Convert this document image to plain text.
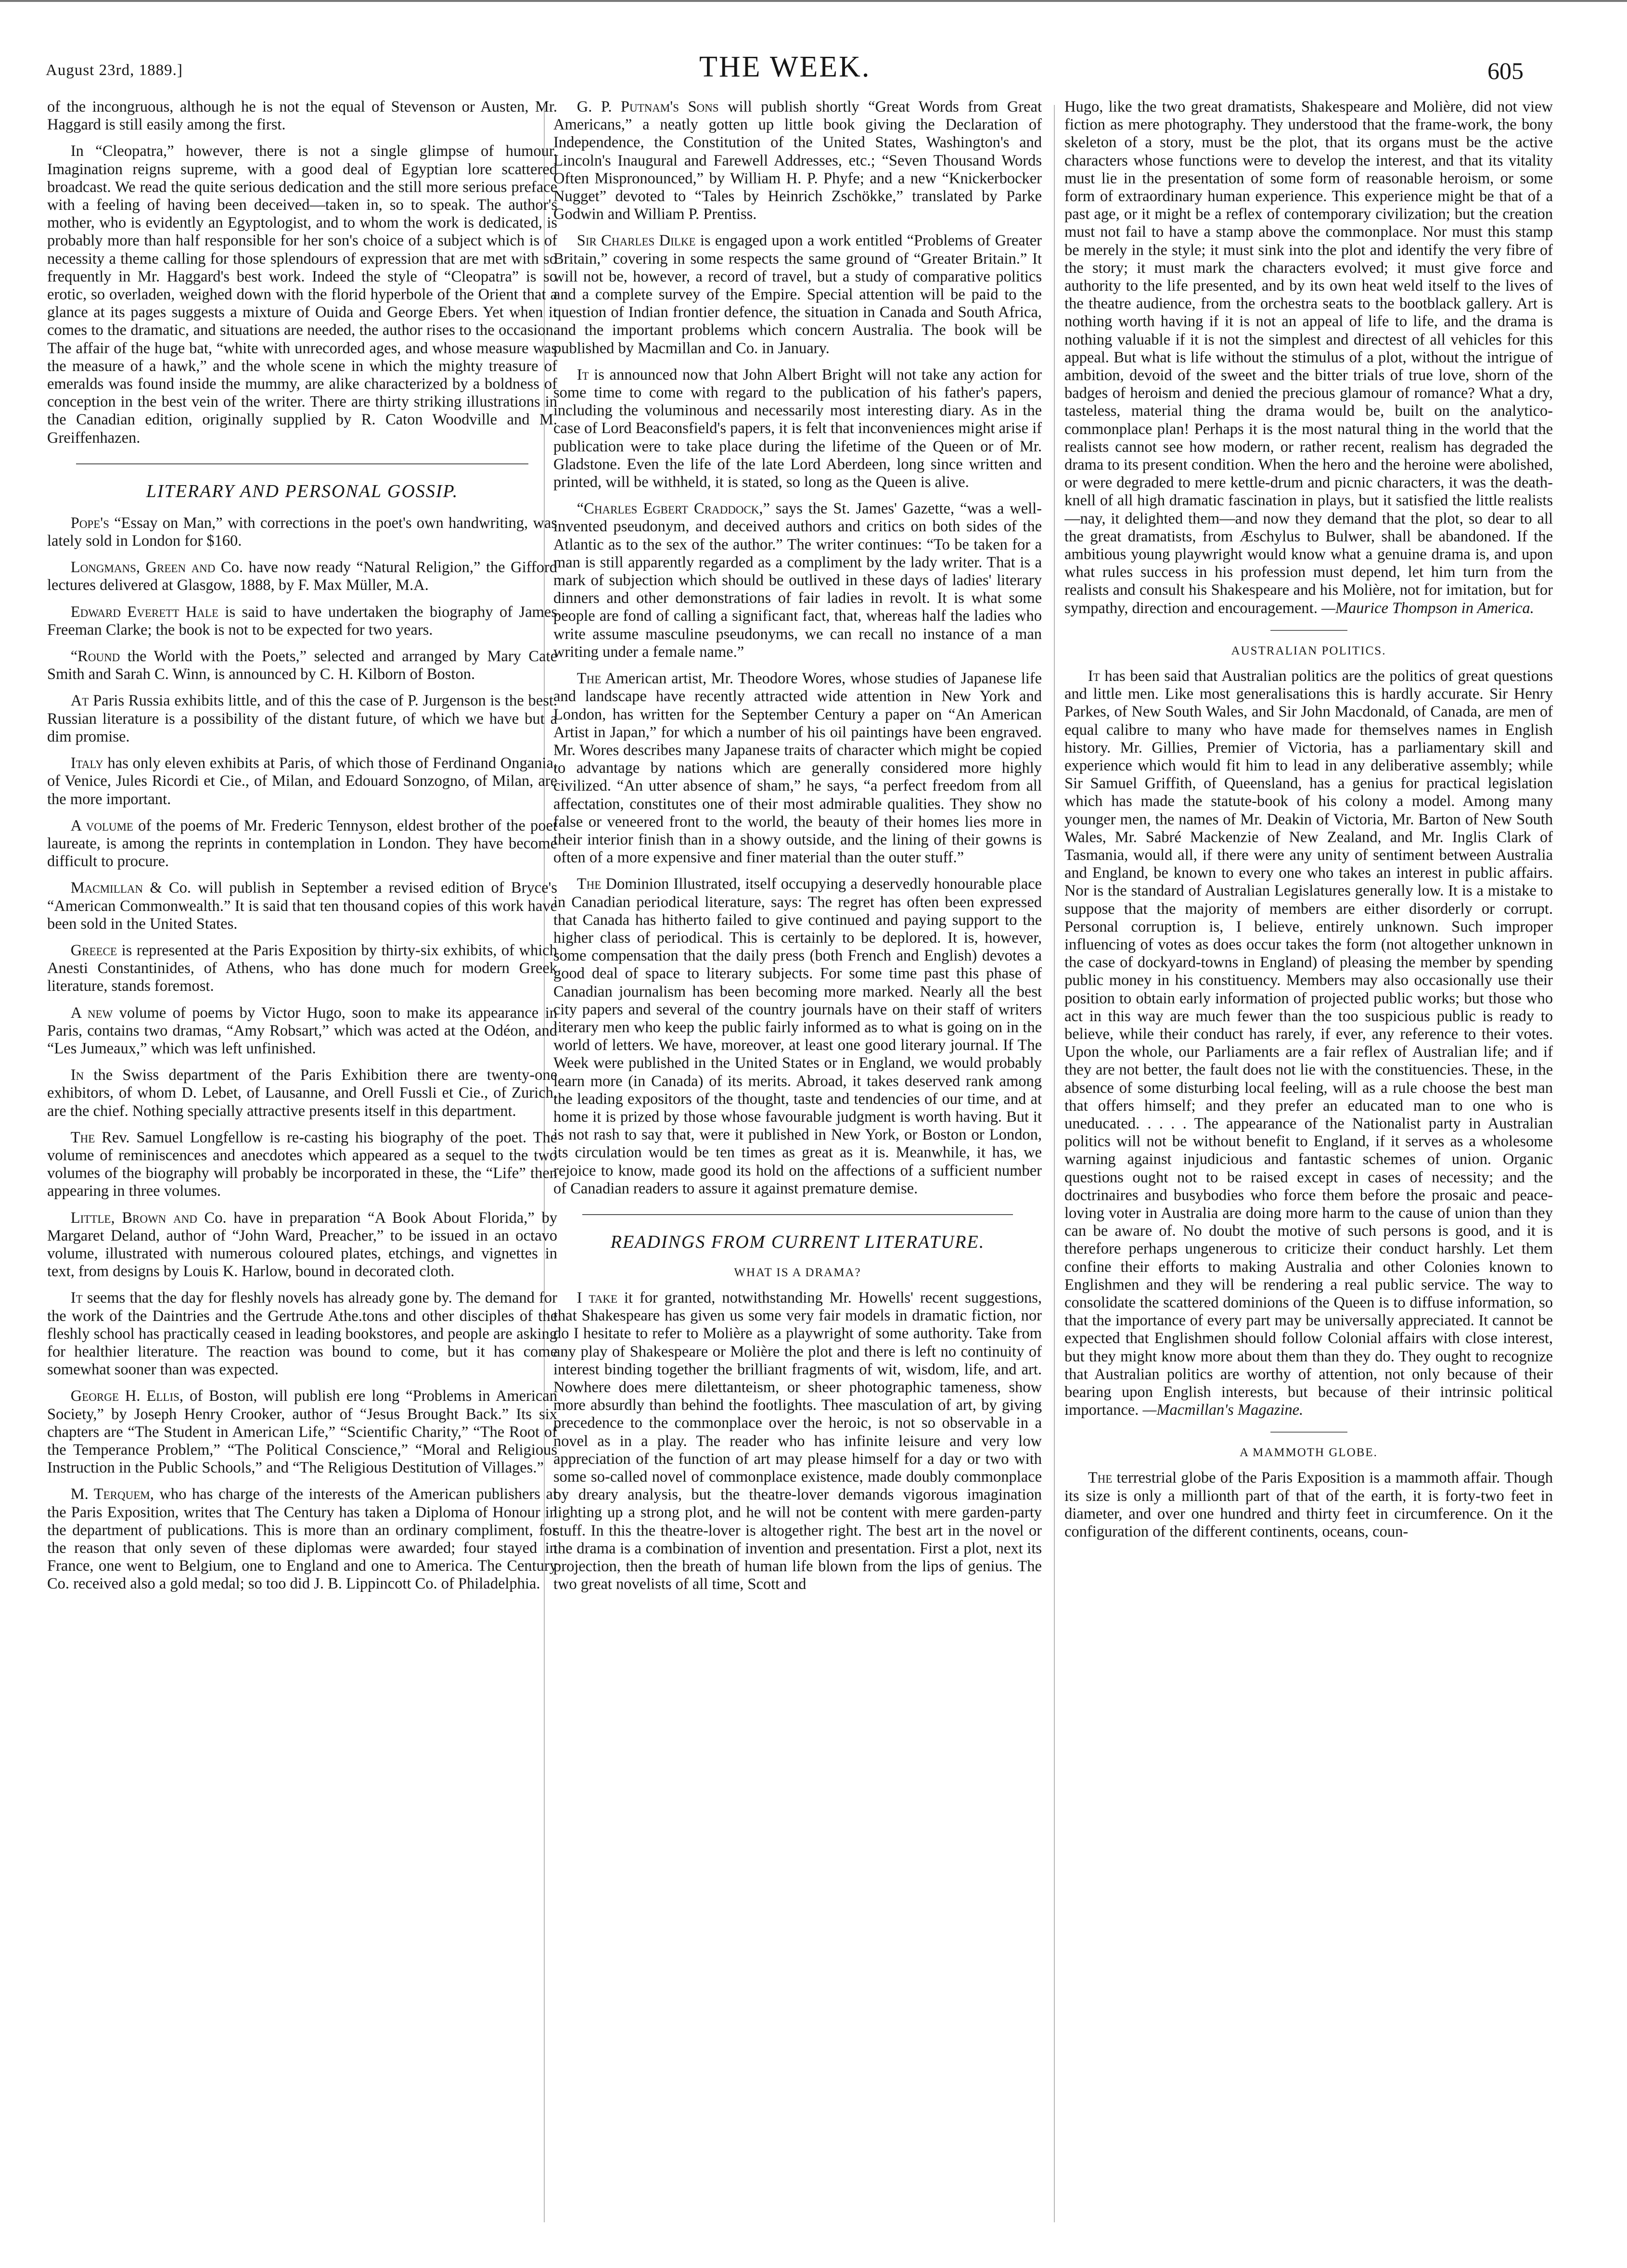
August 23rd, 1889.]	THE WEEK.	605

of the incongruous, although he is not the equal of Stevenson or Austen, Mr. Haggard is still easily among the first.

In “Cleopatra,” however, there is not a single glimpse of humour. Imagination reigns supreme, with a good deal of Egyptian lore scattered broadcast. We read the quite serious dedication and the still more serious preface with a feeling of having been deceived—taken in, so to speak. The author's mother, who is evidently an Egyptologist, and to whom the work is dedicated, is probably more than half responsible for her son's choice of a subject which is of necessity a theme calling for those splendours of expression that are met with so frequently in Mr. Haggard's best work. Indeed the style of “Cleopatra” is so erotic, so overladen, weighed down with the florid hyperbole of the Orient that a glance at its pages suggests a mixture of Ouida and George Ebers. Yet when it comes to the dramatic, and situations are needed, the author rises to the occasion. The affair of the huge bat, “white with unrecorded ages, and whose measure was the measure of a hawk,” and the whole scene in which the mighty treasure of emeralds was found inside the mummy, are alike characterized by a boldness of conception in the best vein of the writer. There are thirty striking illustrations in the Canadian edition, originally supplied by R. Caton Woodville and M. Greiffenhazen.

LITERARY AND PERSONAL GOSSIP.

Pope's “Essay on Man,” with corrections in the poet's own handwriting, was lately sold in London for $160.

Longmans, Green and Co. have now ready “Natural Religion,” the Gifford lectures delivered at Glasgow, 1888, by F. Max Müller, M.A.

Edward Everett Hale is said to have undertaken the biography of James Freeman Clarke; the book is not to be expected for two years.

“Round the World with the Poets,” selected and arranged by Mary Cate Smith and Sarah C. Winn, is announced by C. H. Kilborn of Boston.

At Paris Russia exhibits little, and of this the case of P. Jurgenson is the best. Russian literature is a possibility of the distant future, of which we have but a dim promise.

Italy has only eleven exhibits at Paris, of which those of Ferdinand Ongania, of Venice, Jules Ricordi et Cie., of Milan, and Edouard Sonzogno, of Milan, are the more important.

A volume of the poems of Mr. Frederic Tennyson, eldest brother of the poet laureate, is among the reprints in contemplation in London. They have become difficult to procure.

Macmillan & Co. will publish in September a revised edition of Bryce's “American Commonwealth.” It is said that ten thousand copies of this work have been sold in the United States.

Greece is represented at the Paris Exposition by thirty-six exhibits, of which Anesti Constantinides, of Athens, who has done much for modern Greek literature, stands foremost.

A new volume of poems by Victor Hugo, soon to make its appearance in Paris, contains two dramas, “Amy Robsart,” which was acted at the Odéon, and “Les Jumeaux,” which was left unfinished.

In the Swiss department of the Paris Exhibition there are twenty-one exhibitors, of whom D. Lebet, of Lausanne, and Orell Fussli et Cie., of Zurich, are the chief. Nothing specially attractive presents itself in this department.

The Rev. Samuel Longfellow is re-casting his biography of the poet. The volume of reminiscences and anecdotes which appeared as a sequel to the two volumes of the biography will probably be incorporated in these, the “Life” then appearing in three volumes.

Little, Brown and Co. have in preparation “A Book About Florida,” by Margaret Deland, author of “John Ward, Preacher,” to be issued in an octavo volume, illustrated with numerous coloured plates, etchings, and vignettes in text, from designs by Louis K. Harlow, bound in decorated cloth.

It seems that the day for fleshly novels has already gone by. The demand for the work of the Daintries and the Gertrude Athe.tons and other disciples of the fleshly school has practically ceased in leading bookstores, and people are asking for healthier literature. The reaction was bound to come, but it has come somewhat sooner than was expected.

George H. Ellis, of Boston, will publish ere long “Problems in American Society,” by Joseph Henry Crooker, author of “Jesus Brought Back.” Its six chapters are “The Student in American Life,” “Scientific Charity,” “The Root of the Temperance Problem,” “The Political Conscience,” “Moral and Religious Instruction in the Public Schools,” and “The Religious Destitution of Villages.”

M. Terquem, who has charge of the interests of the American publishers at the Paris Exposition, writes that The Century has taken a Diploma of Honour in the department of publications. This is more than an ordinary compliment, for the reason that only seven of these diplomas were awarded; four stayed in France, one went to Belgium, one to England and one to America. The Century Co. received also a gold medal; so too did J. B. Lippincott Co. of Philadelphia.

G. P. Putnam's Sons will publish shortly “Great Words from Great Americans,” a neatly gotten up little book giving the Declaration of Independence, the Constitution of the United States, Washington's and Lincoln's Inaugural and Farewell Addresses, etc.; “Seven Thousand Words Often Mispronounced,” by William H. P. Phyfe; and a new “Knickerbocker Nugget” devoted to “Tales by Heinrich Zschökke,” translated by Parke Godwin and William P. Prentiss.

Sir Charles Dilke is engaged upon a work entitled “Problems of Greater Britain,” covering in some respects the same ground of “Greater Britain.” It will not be, however, a record of travel, but a study of comparative politics and a complete survey of the Empire. Special attention will be paid to the question of Indian frontier defence, the situation in Canada and South Africa, and the important problems which concern Australia. The book will be published by Macmillan and Co. in January.

It is announced now that John Albert Bright will not take any action for some time to come with regard to the publication of his father's papers, including the voluminous and necessarily most interesting diary. As in the case of Lord Beaconsfield's papers, it is felt that inconveniences might arise if publication were to take place during the lifetime of the Queen or of Mr. Gladstone. Even the life of the late Lord Aberdeen, long since written and printed, will be withheld, it is stated, so long as the Queen is alive.

“Charles Egbert Craddock,” says the St. James' Gazette, “was a well-invented pseudonym, and deceived authors and critics on both sides of the Atlantic as to the sex of the author.” The writer continues: “To be taken for a man is still apparently regarded as a compliment by the lady writer. That is a mark of subjection which should be outlived in these days of ladies' literary dinners and other demonstrations of fair ladies in revolt. It is what some people are fond of calling a significant fact, that, whereas half the ladies who write assume masculine pseudonyms, we can recall no instance of a man writing under a female name.”

The American artist, Mr. Theodore Wores, whose studies of Japanese life and landscape have recently attracted wide attention in New York and London, has written for the September Century a paper on “An American Artist in Japan,” for which a number of his oil paintings have been engraved. Mr. Wores describes many Japanese traits of character which might be copied to advantage by nations which are generally considered more highly civilized. “An utter absence of sham,” he says, “a perfect freedom from all affectation, constitutes one of their most admirable qualities. They show no false or veneered front to the world, the beauty of their homes lies more in their interior finish than in a showy outside, and the lining of their gowns is often of a more expensive and finer material than the outer stuff.”

The Dominion Illustrated, itself occupying a deservedly honourable place in Canadian periodical literature, says: The regret has often been expressed that Canada has hitherto failed to give continued and paying support to the higher class of periodical. This is certainly to be deplored. It is, however, some compensation that the daily press (both French and English) devotes a good deal of space to literary subjects. For some time past this phase of Canadian journalism has been becoming more marked. Nearly all the best city papers and several of the country journals have on their staff of writers literary men who keep the public fairly informed as to what is going on in the world of letters. We have, moreover, at least one good literary journal. If The Week were published in the United States or in England, we would probably learn more (in Canada) of its merits. Abroad, it takes deserved rank among the leading expositors of the thought, taste and tendencies of our time, and at home it is prized by those whose favourable judgment is worth having. But it is not rash to say that, were it published in New York, or Boston or London, its circulation would be ten times as great as it is. Meanwhile, it has, we rejoice to know, made good its hold on the affections of a sufficient number of Canadian readers to assure it against premature demise.

READINGS FROM CURRENT LITERATURE.
WHAT IS A DRAMA?

I take it for granted, notwithstanding Mr. Howells' recent suggestions, that Shakespeare has given us some very fair models in dramatic fiction, nor do I hesitate to refer to Molière as a playwright of some authority. Take from any play of Shakespeare or Molière the plot and there is left no continuity of interest binding together the brilliant fragments of wit, wisdom, life, and art. Nowhere does mere dilettanteism, or sheer photographic tameness, show more absurdly than behind the footlights. Thee masculation of art, by giving precedence to the commonplace over the heroic, is not so observable in a novel as in a play. The reader who has infinite leisure and very low appreciation of the function of art may please himself for a day or two with some so-called novel of commonplace existence, made doubly commonplace by dreary analysis, but the theatre-lover demands vigorous imagination lighting up a strong plot, and he will not be content with mere garden-party stuff. In this the theatre-lover is altogether right. The best art in the novel or the drama is a combination of invention and presentation. First a plot, next its projection, then the breath of human life blown from the lips of genius. The two great novelists of all time, Scott and

Hugo, like the two great dramatists, Shakespeare and Molière, did not view fiction as mere photography. They understood that the frame-work, the bony skeleton of a story, must be the plot, that its organs must be the active characters whose functions were to develop the interest, and that its vitality must lie in the presentation of some form of reasonable heroism, or some form of extraordinary human experience. This experience might be that of a past age, or it might be a reflex of contemporary civilization; but the creation must not fail to have a stamp above the commonplace. Nor must this stamp be merely in the style; it must sink into the plot and identify the very fibre of the story; it must mark the characters evolved; it must give force and authority to the life presented, and by its own heat weld itself to the lives of the theatre audience, from the orchestra seats to the bootblack gallery. Art is nothing worth having if it is not an appeal of life to life, and the drama is nothing valuable if it is not the simplest and directest of all vehicles for this appeal. But what is life without the stimulus of a plot, without the intrigue of ambition, devoid of the sweet and the bitter trials of true love, shorn of the badges of heroism and denied the precious glamour of romance? What a dry, tasteless, material thing the drama would be, built on the analytico-commonplace plan! Perhaps it is the most natural thing in the world that the realists cannot see how modern, or rather recent, realism has degraded the drama to its present condition. When the hero and the heroine were abolished, or were degraded to mere kettle-drum and picnic characters, it was the death-knell of all high dramatic fascination in plays, but it satisfied the little realists—nay, it delighted them—and now they demand that the plot, so dear to all the great dramatists, from Æschylus to Bulwer, shall be abandoned. If the ambitious young playwright would know what a genuine drama is, and upon what rules success in his profession must depend, let him turn from the realists and consult his Shakespeare and his Molière, not for imitation, but for sympathy, direction and encouragement. —Maurice Thompson in America.

AUSTRALIAN POLITICS.

It has been said that Australian politics are the politics of great questions and little men. Like most generalisations this is hardly accurate. Sir Henry Parkes, of New South Wales, and Sir John Macdonald, of Canada, are men of equal calibre to many who have made for themselves names in English history. Mr. Gillies, Premier of Victoria, has a parliamentary skill and experience which would fit him to lead in any deliberative assembly; while Sir Samuel Griffith, of Queensland, has a genius for practical legislation which has made the statute-book of his colony a model. Among many younger men, the names of Mr. Deakin of Victoria, Mr. Barton of New South Wales, Mr. Sabré Mackenzie of New Zealand, and Mr. Inglis Clark of Tasmania, would all, if there were any unity of sentiment between Australia and England, be known to every one who takes an interest in public affairs. Nor is the standard of Australian Legislatures generally low. It is a mistake to suppose that the majority of members are either disorderly or corrupt. Personal corruption is, I believe, entirely unknown. Such improper influencing of votes as does occur takes the form (not altogether unknown in the case of dockyard-towns in England) of pleasing the member by spending public money in his constituency. Members may also occasionally use their position to obtain early information of projected public works; but those who act in this way are much fewer than the too suspicious public is ready to believe, while their conduct has rarely, if ever, any reference to their votes. Upon the whole, our Parliaments are a fair reflex of Australian life; and if they are not better, the fault does not lie with the constituencies. These, in the absence of some disturbing local feeling, will as a rule choose the best man that offers himself; and they prefer an educated man to one who is uneducated. . . . . The appearance of the Nationalist party in Australian politics will not be without benefit to England, if it serves as a wholesome warning against injudicious and fantastic schemes of union. Organic questions ought not to be raised except in cases of necessity; and the doctrinaires and busybodies who force them before the prosaic and peace-loving voter in Australia are doing more harm to the cause of union than they can be aware of. No doubt the motive of such persons is good, and it is therefore perhaps ungenerous to criticize their conduct harshly. Let them confine their efforts to making Australia and other Colonies known to Englishmen and they will be rendering a real public service. The way to consolidate the scattered dominions of the Queen is to diffuse information, so that the importance of every part may be universally appreciated. It cannot be expected that Englishmen should follow Colonial affairs with close interest, but they might know more about them than they do. They ought to recognize that Australian politics are worthy of attention, not only because of their bearing upon English interests, but because of their intrinsic political importance. —Macmillan's Magazine.

A MAMMOTH GLOBE.

The terrestrial globe of the Paris Exposition is a mammoth affair. Though its size is only a millionth part of that of the earth, it is forty-two feet in diameter, and over one hundred and thirty feet in circumference. On it the configuration of the different continents, oceans, coun-
